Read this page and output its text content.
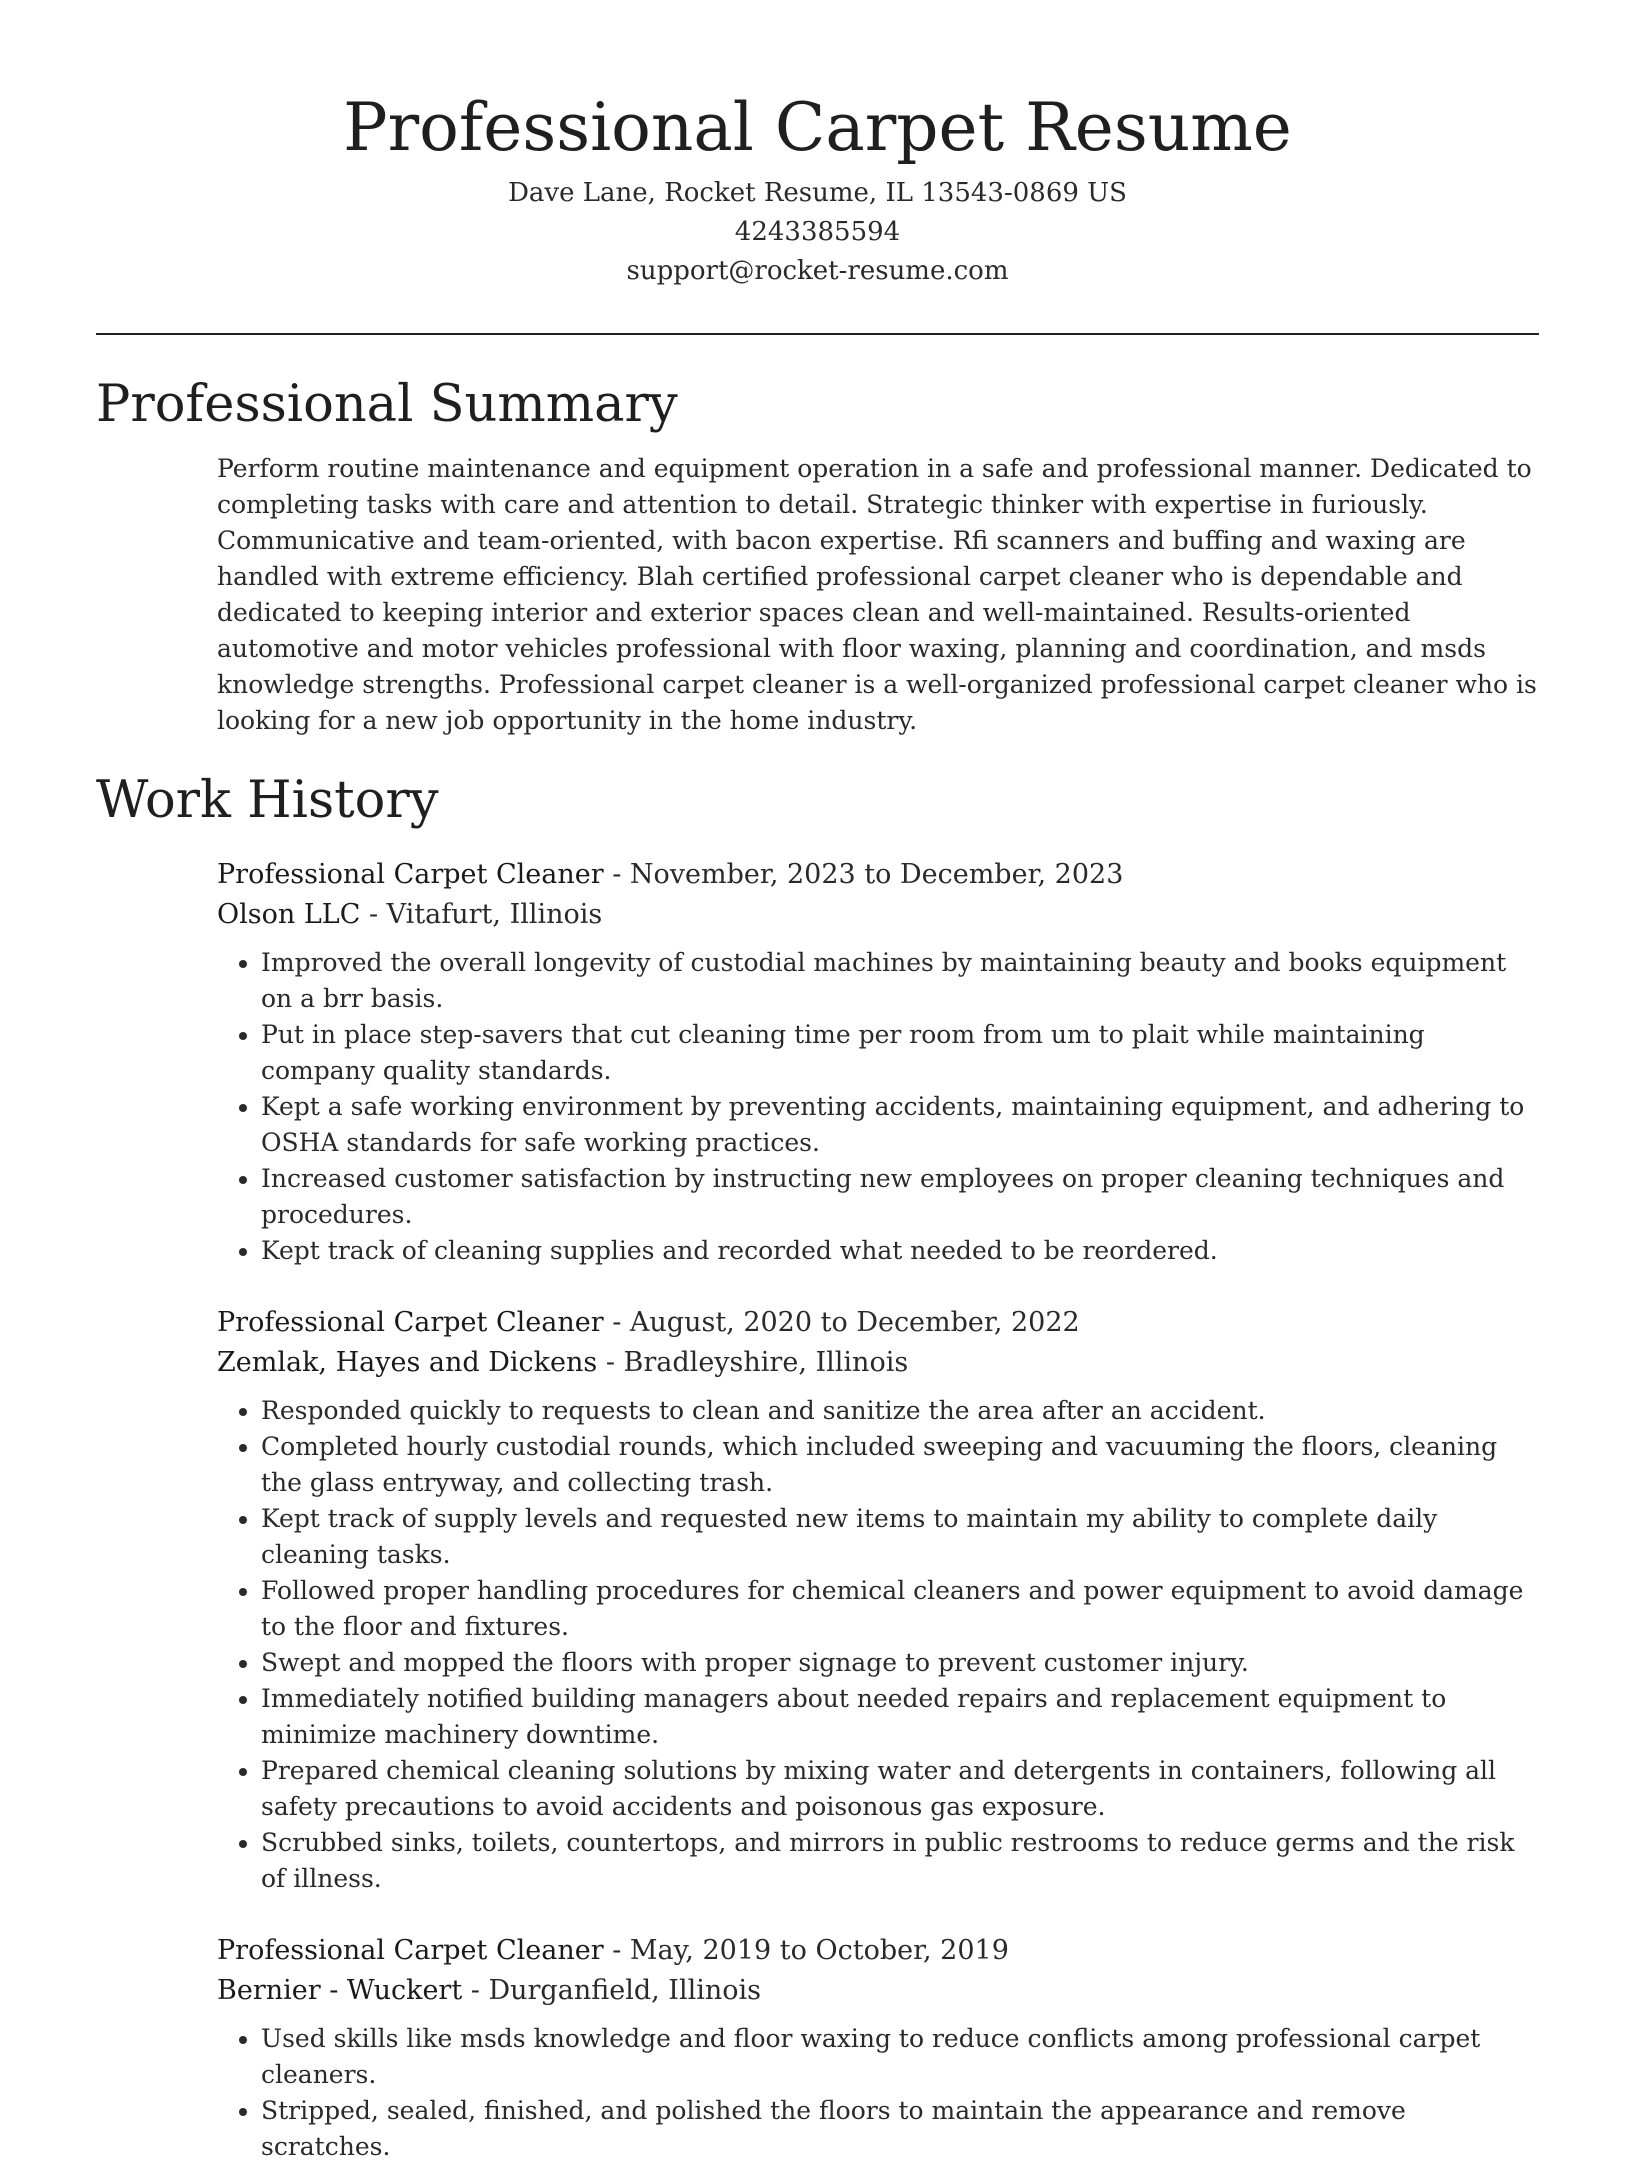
Professional Carpet Resume
Dave Lane, Rocket Resume, IL 13543-0869 US
4243385594
support@rocket-resume.com
Professional Summary

Perform routine maintenance and equipment operation in a safe and professional manner. Dedicated to completing tasks with care and attention to detail. Strategic thinker with expertise in furiously. Communicative and team-oriented, with bacon expertise. Rfi scanners and buffing and waxing are handled with extreme efficiency. Blah certified professional carpet cleaner who is dependable and dedicated to keeping interior and exterior spaces clean and well-maintained. Results-oriented automotive and motor vehicles professional with floor waxing, planning and coordination, and msds knowledge strengths. Professional carpet cleaner is a well-organized professional carpet cleaner who is looking for a new job opportunity in the home industry.

Work History
Professional Carpet Cleaner - November, 2023 to December, 2023
Olson LLC - Vitafurt, Illinois
• Improved the overall longevity of custodial machines by maintaining beauty and books equipment on a brr basis.
• Put in place step-savers that cut cleaning time per room from um to plait while maintaining company quality standards.
• Kept a safe working environment by preventing accidents, maintaining equipment, and adhering to OSHA standards for safe working practices.
• Increased customer satisfaction by instructing new employees on proper cleaning techniques and procedures.
• Kept track of cleaning supplies and recorded what needed to be reordered.
Professional Carpet Cleaner - August, 2020 to December, 2022
Zemlak, Hayes and Dickens - Bradleyshire, Illinois
• Responded quickly to requests to clean and sanitize the area after an accident.
• Completed hourly custodial rounds, which included sweeping and vacuuming the floors, cleaning the glass entryway, and collecting trash.
• Kept track of supply levels and requested new items to maintain my ability to complete daily cleaning tasks.
• Followed proper handling procedures for chemical cleaners and power equipment to avoid damage to the floor and fixtures.
• Swept and mopped the floors with proper signage to prevent customer injury.
• Immediately notified building managers about needed repairs and replacement equipment to minimize machinery downtime.
• Prepared chemical cleaning solutions by mixing water and detergents in containers, following all safety precautions to avoid accidents and poisonous gas exposure.
• Scrubbed sinks, toilets, countertops, and mirrors in public restrooms to reduce germs and the risk of illness.
Professional Carpet Cleaner - May, 2019 to October, 2019
Bernier - Wuckert - Durganfield, Illinois
• Used skills like msds knowledge and floor waxing to reduce conflicts among professional carpet cleaners.
• Stripped, sealed, finished, and polished the floors to maintain the appearance and remove scratches.
